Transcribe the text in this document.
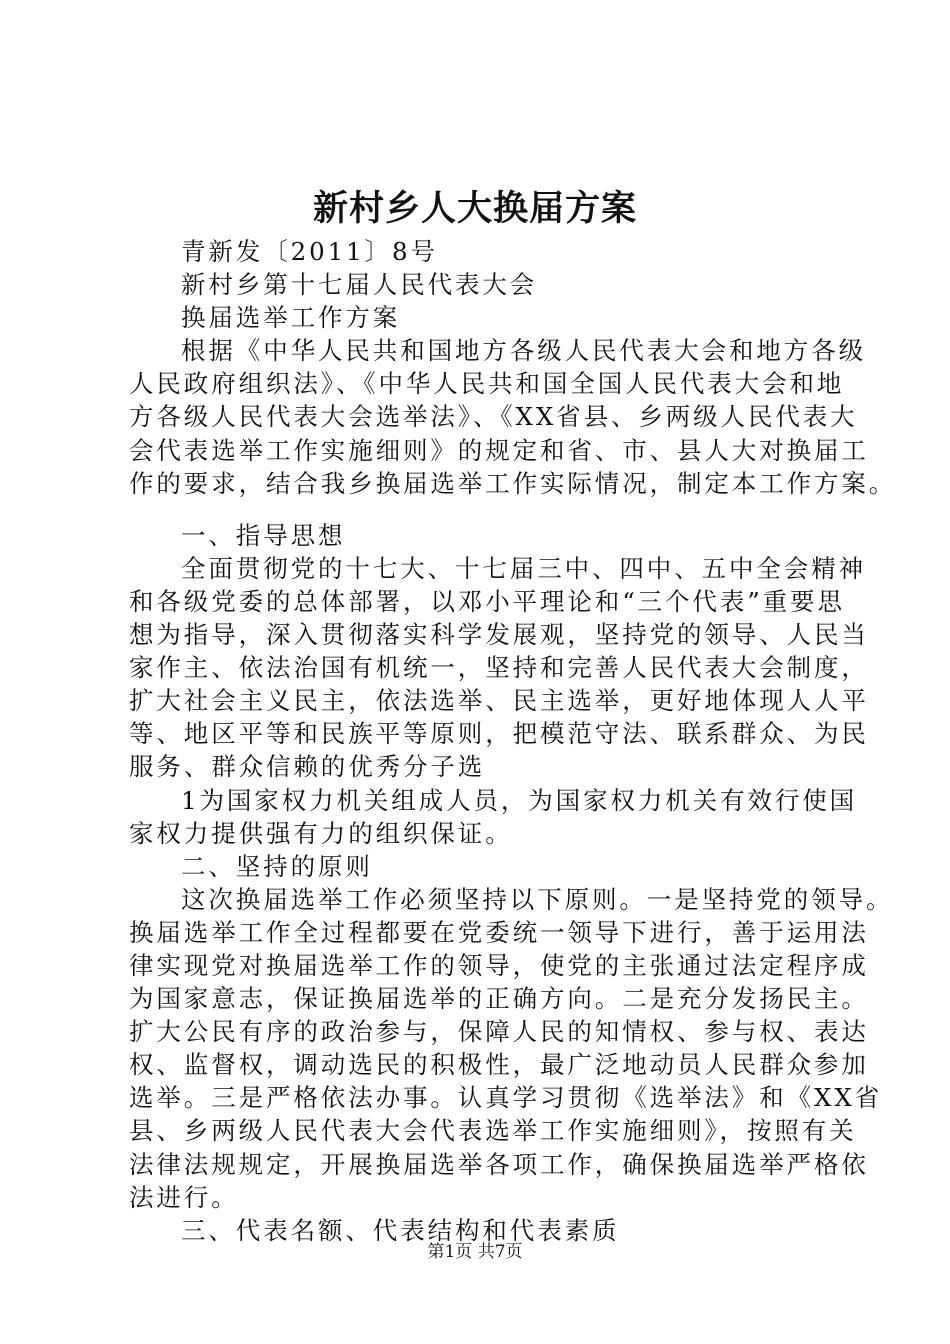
新村乡人大换届方案
青新发〔2011〕8号
新村乡第十七届人民代表大会
换届选举工作方案
根据《中华人民共和国地方各级人民代表大会和地方各级
人民政府组织法》、《中华人民共和国全国人民代表大会和地
方各级人民代表大会选举法》、《XX省县、乡两级人民代表大
会代表选举工作实施细则》的规定和省、市、县人大对换届工
作的要求，结合我乡换届选举工作实际情况，制定本工作方案。
一、指导思想
全面贯彻党的十七大、十七届三中、四中、五中全会精神
和各级党委的总体部署，以邓小平理论和“三个代表”重要思
想为指导，深入贯彻落实科学发展观，坚持党的领导、人民当
家作主、依法治国有机统一，坚持和完善人民代表大会制度，
扩大社会主义民主，依法选举、民主选举，更好地体现人人平
等、地区平等和民族平等原则，把模范守法、联系群众、为民
服务、群众信赖的优秀分子选
1为国家权力机关组成人员，为国家权力机关有效行使国
家权力提供强有力的组织保证。
二、坚持的原则
这次换届选举工作必须坚持以下原则。一是坚持党的领导。
换届选举工作全过程都要在党委统一领导下进行，善于运用法
律实现党对换届选举工作的领导，使党的主张通过法定程序成
为国家意志，保证换届选举的正确方向。二是充分发扬民主。
扩大公民有序的政治参与，保障人民的知情权、参与权、表达
权、监督权，调动选民的积极性，最广泛地动员人民群众参加
选举。三是严格依法办事。认真学习贯彻《选举法》和《XX省
县、乡两级人民代表大会代表选举工作实施细则》，按照有关
法律法规规定，开展换届选举各项工作，确保换届选举严格依
法进行。
三、代表名额、代表结构和代表素质
第1页 共7页
